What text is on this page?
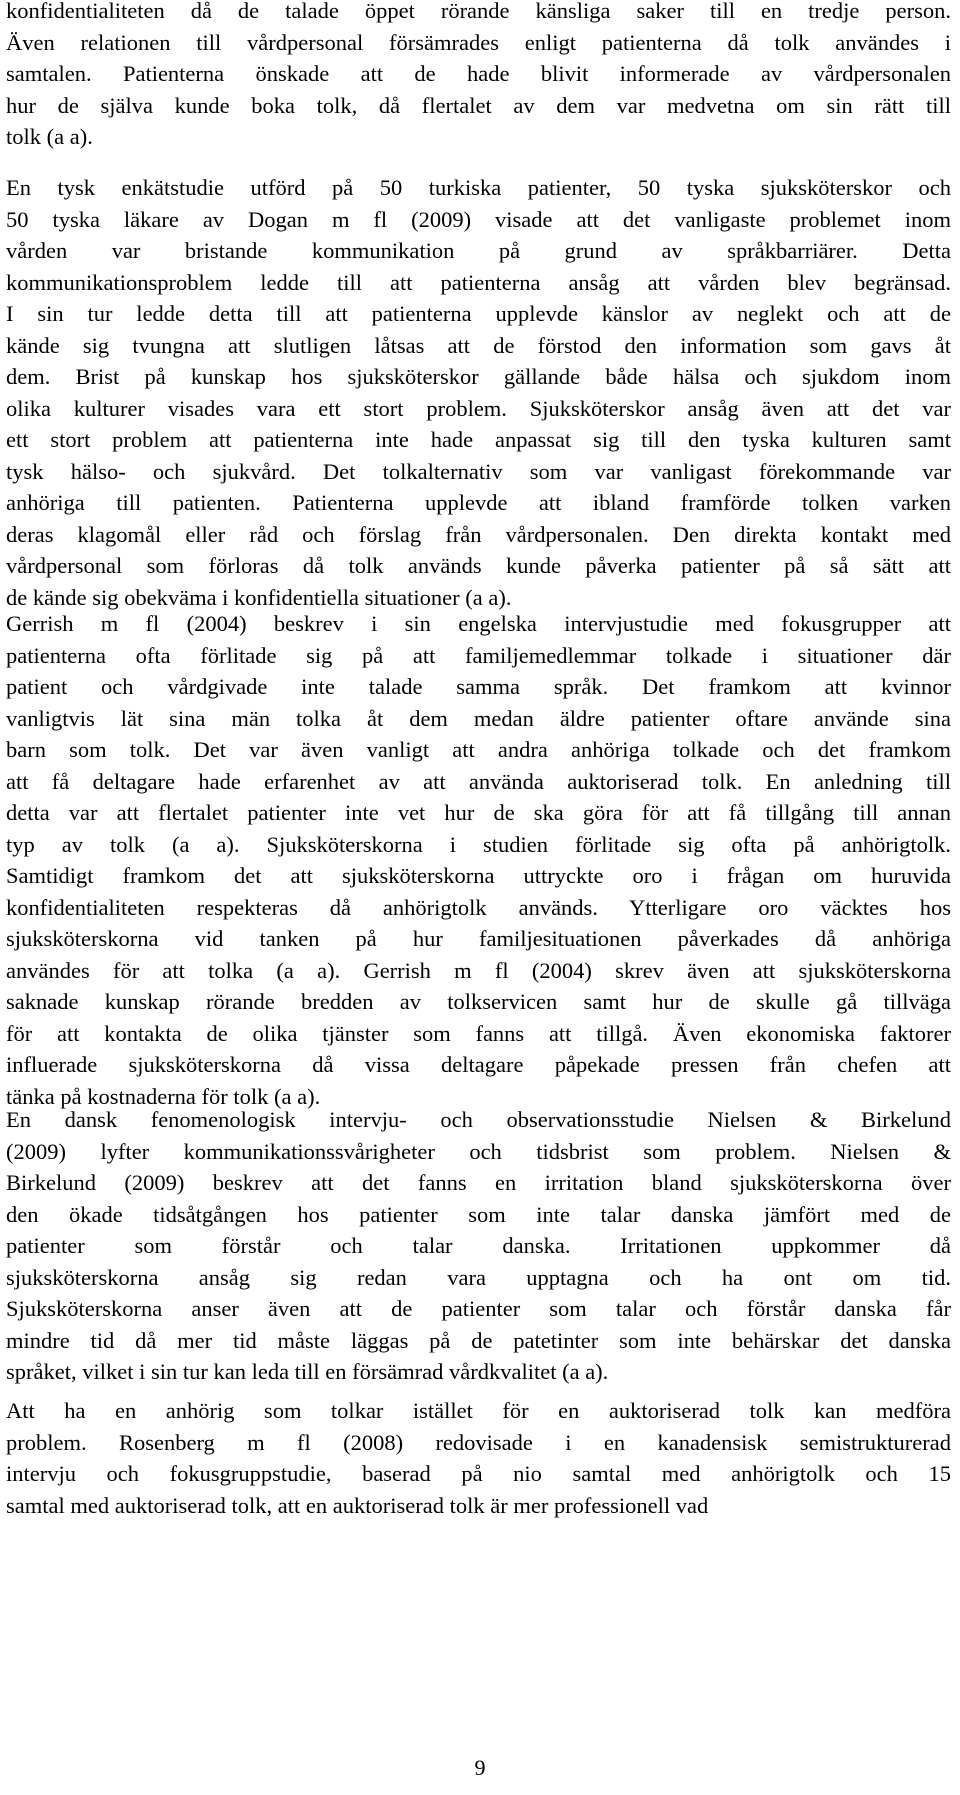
konfidentialiteten då de talade öppet rörande känsliga saker till en tredje person.
Även relationen till vårdpersonal försämrades enligt patienterna då tolk användes i
samtalen. Patienterna önskade att de hade blivit informerade av vårdpersonalen
hur de själva kunde boka tolk, då flertalet av dem var medvetna om sin rätt till
tolk (a a).
En tysk enkätstudie utförd på 50 turkiska patienter, 50 tyska sjuksköterskor och
50 tyska läkare av Dogan m fl (2009) visade att det vanligaste problemet inom
vården var bristande kommunikation på grund av språkbarriärer. Detta
kommunikationsproblem ledde till att patienterna ansåg att vården blev begränsad.
I sin tur ledde detta till att patienterna upplevde känslor av neglekt och att de
kände sig tvungna att slutligen låtsas att de förstod den information som gavs åt
dem. Brist på kunskap hos sjuksköterskor gällande både hälsa och sjukdom inom
olika kulturer visades vara ett stort problem. Sjuksköterskor ansåg även att det var
ett stort problem att patienterna inte hade anpassat sig till den tyska kulturen samt
tysk hälso- och sjukvård. Det tolkalternativ som var vanligast förekommande var
anhöriga till patienten. Patienterna upplevde att ibland framförde tolken varken
deras klagomål eller råd och förslag från vårdpersonalen. Den direkta kontakt med
vårdpersonal som förloras då tolk används kunde påverka patienter på så sätt att
de kände sig obekväma i konfidentiella situationer (a a).
Gerrish m fl (2004) beskrev i sin engelska intervjustudie med fokusgrupper att
patienterna ofta förlitade sig på att familjemedlemmar tolkade i situationer där
patient och vårdgivade inte talade samma språk. Det framkom att kvinnor
vanligtvis lät sina män tolka åt dem medan äldre patienter oftare använde sina
barn som tolk. Det var även vanligt att andra anhöriga tolkade och det framkom
att få deltagare hade erfarenhet av att använda auktoriserad tolk. En anledning till
detta var att flertalet patienter inte vet hur de ska göra för att få tillgång till annan
typ av tolk (a a). Sjuksköterskorna i studien förlitade sig ofta på anhörigtolk.
Samtidigt framkom det att sjuksköterskorna uttryckte oro i frågan om huruvida
konfidentialiteten respekteras då anhörigtolk används. Ytterligare oro väcktes hos
sjuksköterskorna vid tanken på hur familjesituationen påverkades då anhöriga
användes för att tolka (a a). Gerrish m fl (2004) skrev även att sjuksköterskorna
saknade kunskap rörande bredden av tolkservicen samt hur de skulle gå tillväga
för att kontakta de olika tjänster som fanns att tillgå. Även ekonomiska faktorer
influerade sjuksköterskorna då vissa deltagare påpekade pressen från chefen att
tänka på kostnaderna för tolk (a a).
En dansk fenomenologisk intervju- och observationsstudie Nielsen & Birkelund
(2009) lyfter kommunikationssvårigheter och tidsbrist som problem. Nielsen &
Birkelund (2009) beskrev att det fanns en irritation bland sjuksköterskorna över
den ökade tidsåtgången hos patienter som inte talar danska jämfört med de
patienter som förstår och talar danska. Irritationen uppkommer då
sjuksköterskorna ansåg sig redan vara upptagna och ha ont om tid.
Sjuksköterskorna anser även att de patienter som talar och förstår danska får
mindre tid då mer tid måste läggas på de patetinter som inte behärskar det danska
språket, vilket i sin tur kan leda till en försämrad vårdkvalitet (a a).
Att ha en anhörig som tolkar istället för en auktoriserad tolk kan medföra
problem. Rosenberg m fl (2008) redovisade i en kanadensisk semistrukturerad
intervju och fokusgruppstudie, baserad på nio samtal med anhörigtolk och 15
samtal med auktoriserad tolk, att en auktoriserad tolk är mer professionell vad
9
